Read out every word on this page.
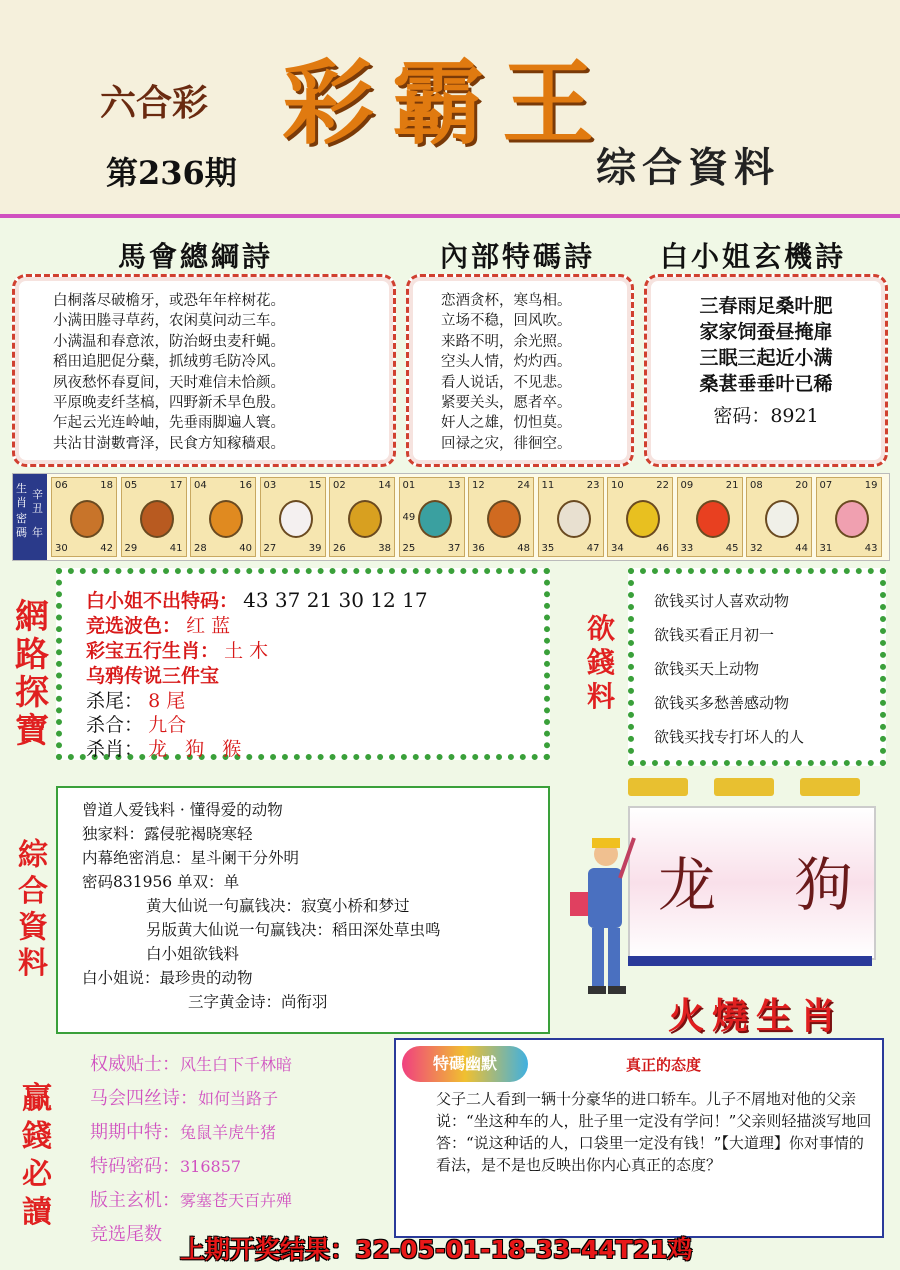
六合彩 彩霸王
第236期	综合資料
馬會總綱詩	內部特碼詩 白小姐玄機詩
白桐落尽破檐牙，或恐年年梓树花。
小满田塍寻草药，农闲莫问动三车。
小满温和春意浓，防治蚜虫麦秆蝇。
稻田追肥促分蘖，抓绒剪毛防冷风。
夙夜愁怀春夏间，天时难信未恰颜。
平原晚麦纤茎槁，四野新禾旱色殷。
乍起云光连岭岫，先垂雨脚遍人寰。
共沾甘澍數膏泽，民食方知稼穑艰。
恋酒贪杯，寒鸟相。
立场不稳，回风吹。
来路不明，余光照。
空头人情，灼灼西。
看人说话，不见悲。
紧要关头，愿者卒。
奸人之雄，忉怛莫。
回禄之灾，徘徊空。
三春雨足桑叶肥
家家饲蚕昼掩扉
三眠三起近小满
桑葚垂垂叶已稀
密码：8921
生肖
密碼
辛丑
年
06	18
30	42
05	17
29	41
04	16
28	40
03	15
27	39
02	14
26	38
01	13
25	37
49
12	24
36	48
11	23
35	47
10	22
34	46
09	21
33	45
08	20
32	44
07	19
31	43
網路探寶
白小姐不出特码： 43 37 21 30 12 17
竞选波色： 红 蓝
彩宝五行生肖： 土 木
乌鸦传说三件宝
杀尾： 8 尾
杀合： 九合
杀肖： 龙 狗 猴
欲錢料
欲钱买讨人喜欢动物
欲钱买看正月初一
欲钱买天上动物
欲钱买多愁善感动物
欲钱买找专打坏人的人
龙 狗
火燒生肖
綜合資料
曾道人爱钱料 · 懂得爱的动物
独家料：露侵驼褐晓寒轻
内幕绝密消息：星斗阑干分外明
密码831956 单双：单
黄大仙说一句赢钱决：寂寞小桥和梦过
另版黄大仙说一句赢钱决：稻田深处草虫鸣
白小姐欲钱料
白小姐说：最珍贵的动物
三字黄金诗：尚衔羽
贏錢必讀
权威贴士：风生白下千林暗
马会四丝诗：如何当路子
期期中特：兔鼠羊虎牛猪
特码密码：316857
版主玄机：雾塞苍天百卉殚
竞选尾数
特碼幽默	真正的态度
父子二人看到一辆十分豪华的进口轿车。儿子不屑地对他的父亲说：“坐这种车的人，肚子里一定没有学问！”父亲则轻描淡写地回答：“说这种话的人，口袋里一定没有钱！”【大道理】你对事情的看法，是不是也反映出你内心真正的态度？
上期开奖结果：32-05-01-18-33-44T21鸡
